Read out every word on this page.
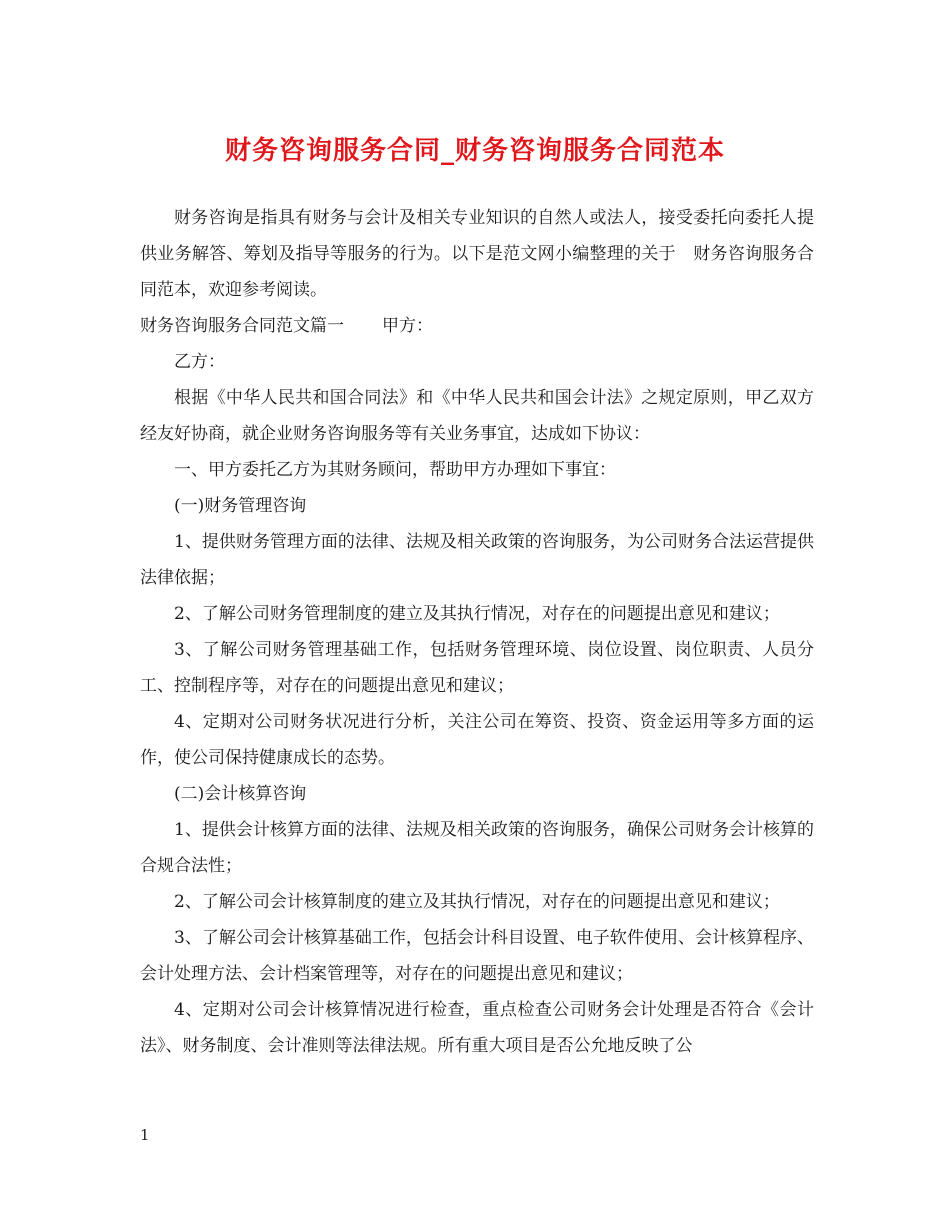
财务咨询服务合同_财务咨询服务合同范本

财务咨询是指具有财务与会计及相关专业知识的自然人或法人，接受委托向委托人提供业务解答、筹划及指导等服务的行为。以下是范文网小编整理的关于　财务咨询服务合同范本，欢迎参考阅读。

财务咨询服务合同范文篇一 甲方：

乙方：

根据《中华人民共和国合同法》和《中华人民共和国会计法》之规定原则，甲乙双方经友好协商，就企业财务咨询服务等有关业务事宜，达成如下协议：

一、甲方委托乙方为其财务顾问，帮助甲方办理如下事宜：

(一)财务管理咨询

1、提供财务管理方面的法律、法规及相关政策的咨询服务，为公司财务合法运营提供法律依据；

2、了解公司财务管理制度的建立及其执行情况，对存在的问题提出意见和建议；

3、了解公司财务管理基础工作，包括财务管理环境、岗位设置、岗位职责、人员分工、控制程序等，对存在的问题提出意见和建议；

4、定期对公司财务状况进行分析，关注公司在筹资、投资、资金运用等多方面的运作，使公司保持健康成长的态势。

(二)会计核算咨询

1、提供会计核算方面的法律、法规及相关政策的咨询服务，确保公司财务会计核算的合规合法性；

2、了解公司会计核算制度的建立及其执行情况，对存在的问题提出意见和建议；

3、了解公司会计核算基础工作，包括会计科目设置、电子软件使用、会计核算程序、会计处理方法、会计档案管理等，对存在的问题提出意见和建议；

4、定期对公司会计核算情况进行检查，重点检查公司财务会计处理是否符合《会计法》、财务制度、会计准则等法律法规。所有重大项目是否公允地反映了公

1
